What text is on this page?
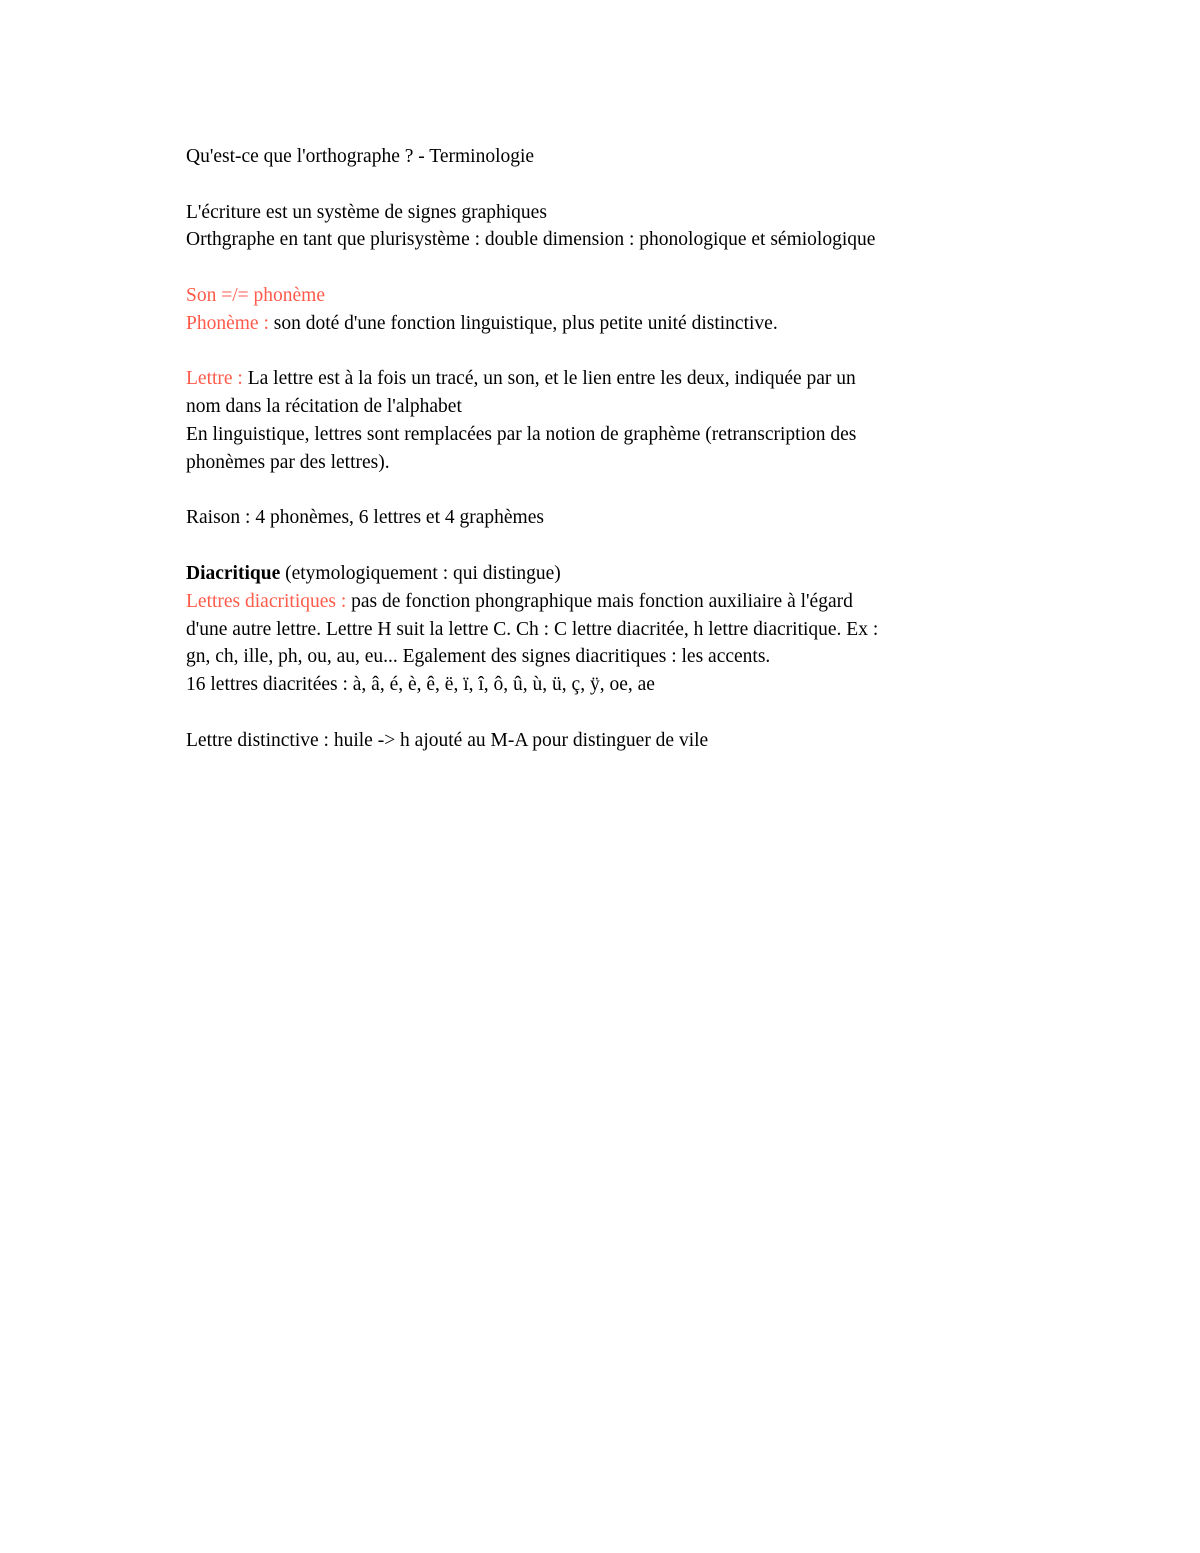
Qu'est-ce que l'orthographe ? - Terminologie
L'écriture est un système de signes graphiques
Orthgraphe en tant que plurisystème : double dimension : phonologique et sémiologique
Son =/= phonème
Phonème : son doté d'une fonction linguistique, plus petite unité distinctive.
Lettre : La lettre est à la fois un tracé, un son, et le lien entre les deux, indiquée par un
nom dans la récitation de l'alphabet
En linguistique, lettres sont remplacées par la notion de graphème (retranscription des
phonèmes par des lettres).
Raison : 4 phonèmes, 6 lettres et 4 graphèmes
Diacritique (etymologiquement : qui distingue)
Lettres diacritiques : pas de fonction phongraphique mais fonction auxiliaire à l'égard
d'une autre lettre. Lettre H suit la lettre C. Ch : C lettre diacritée, h lettre diacritique. Ex :
gn, ch, ille, ph, ou, au, eu... Egalement des signes diacritiques : les accents.
16 lettres diacritées : à, â, é, è, ê, ë, ï, î, ô, û, ù, ü, ç, ÿ, oe, ae
Lettre distinctive : huile -> h ajouté au M-A pour distinguer de vile
